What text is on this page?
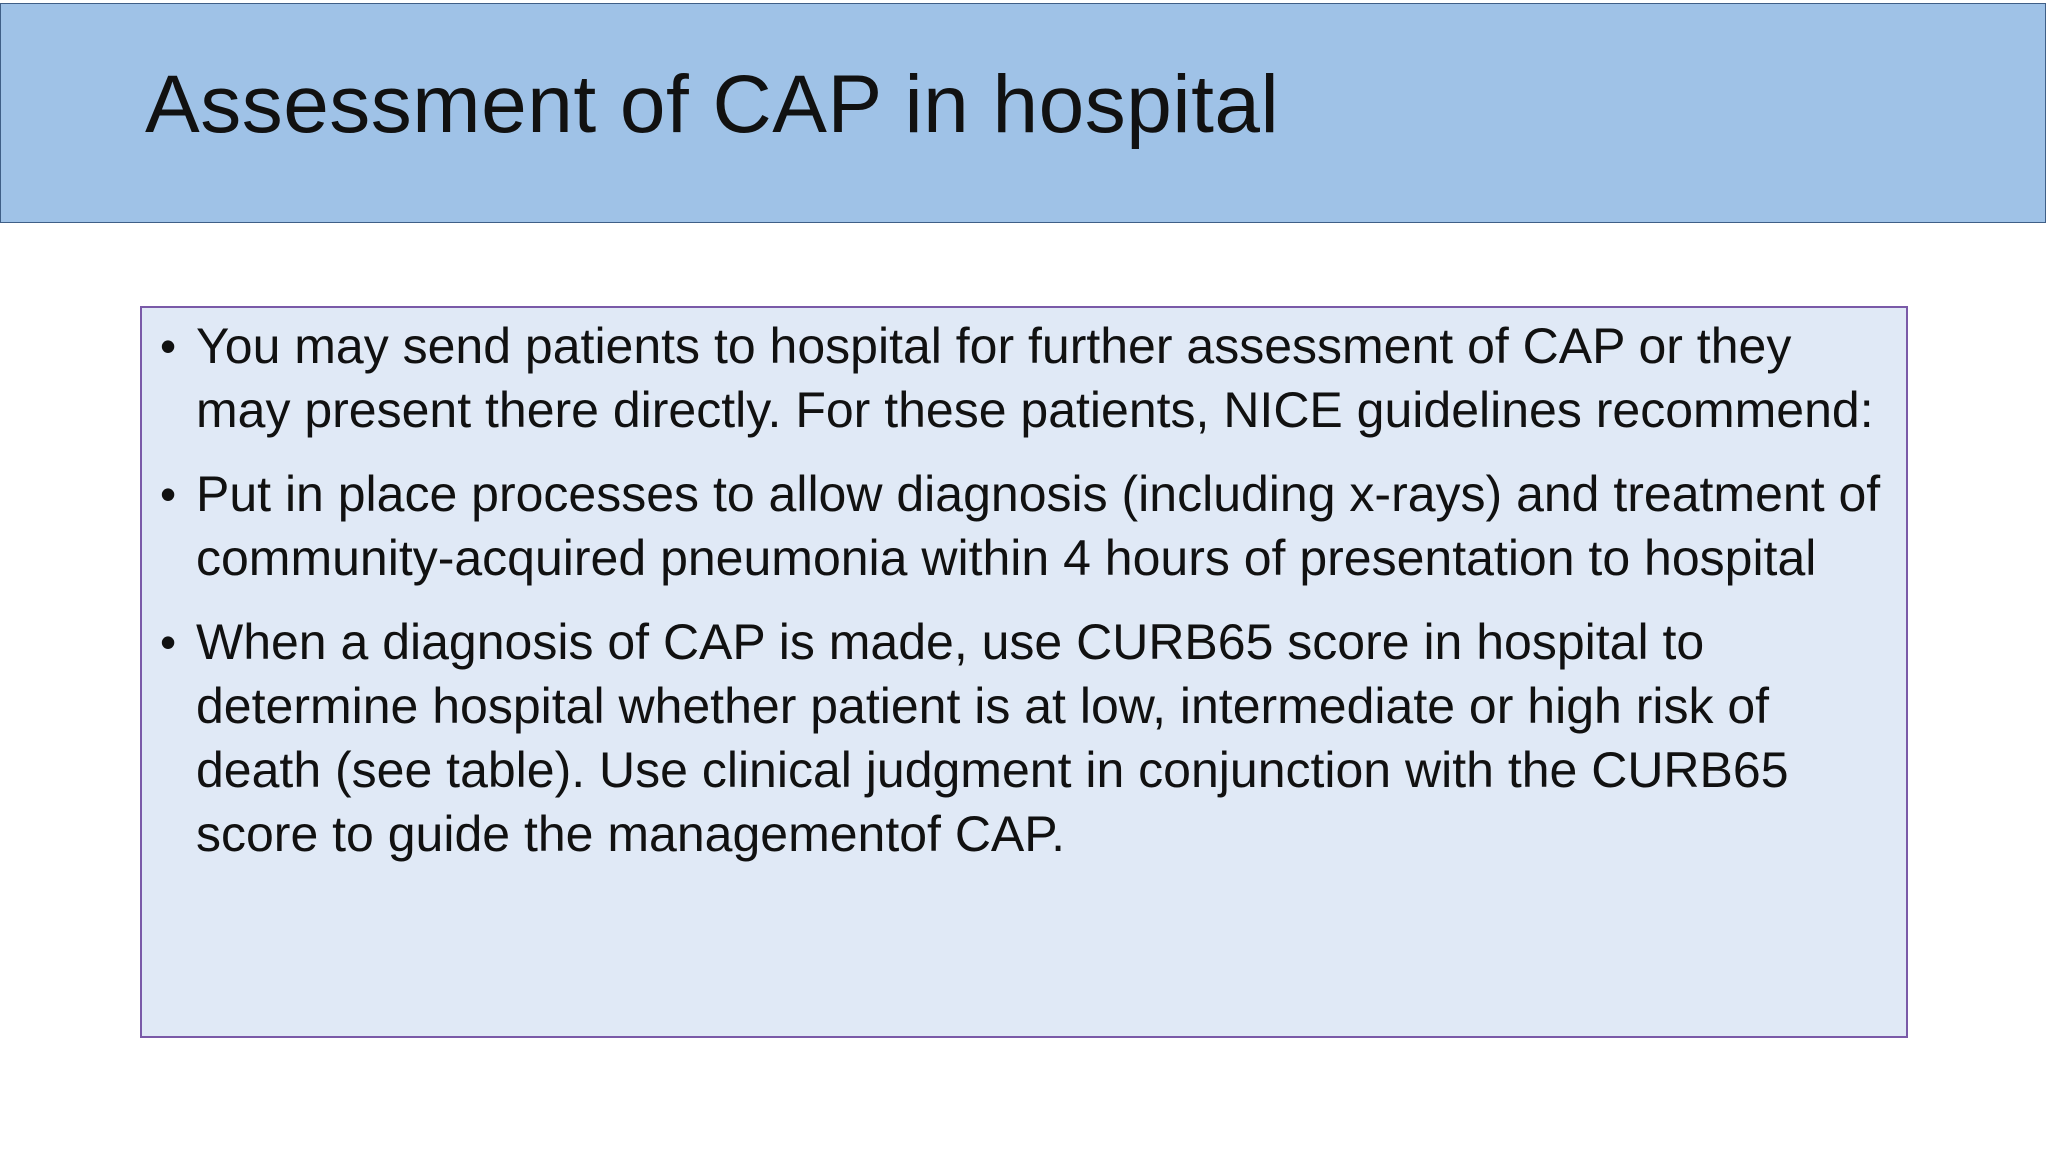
Assessment of CAP in hospital
• You may send patients to hospital for further assessment of CAP or they may present there directly. For these patients, NICE guidelines recommend:
• Put in place processes to allow diagnosis (including x-rays) and treatment of community-acquired pneumonia within 4 hours of presentation to hospital
• When a diagnosis of CAP is made, use CURB65 score in hospital to determine hospital whether patient is at low, intermediate or high risk of death (see table). Use clinical judgment in conjunction with the CURB65 score to guide the managementof CAP.
